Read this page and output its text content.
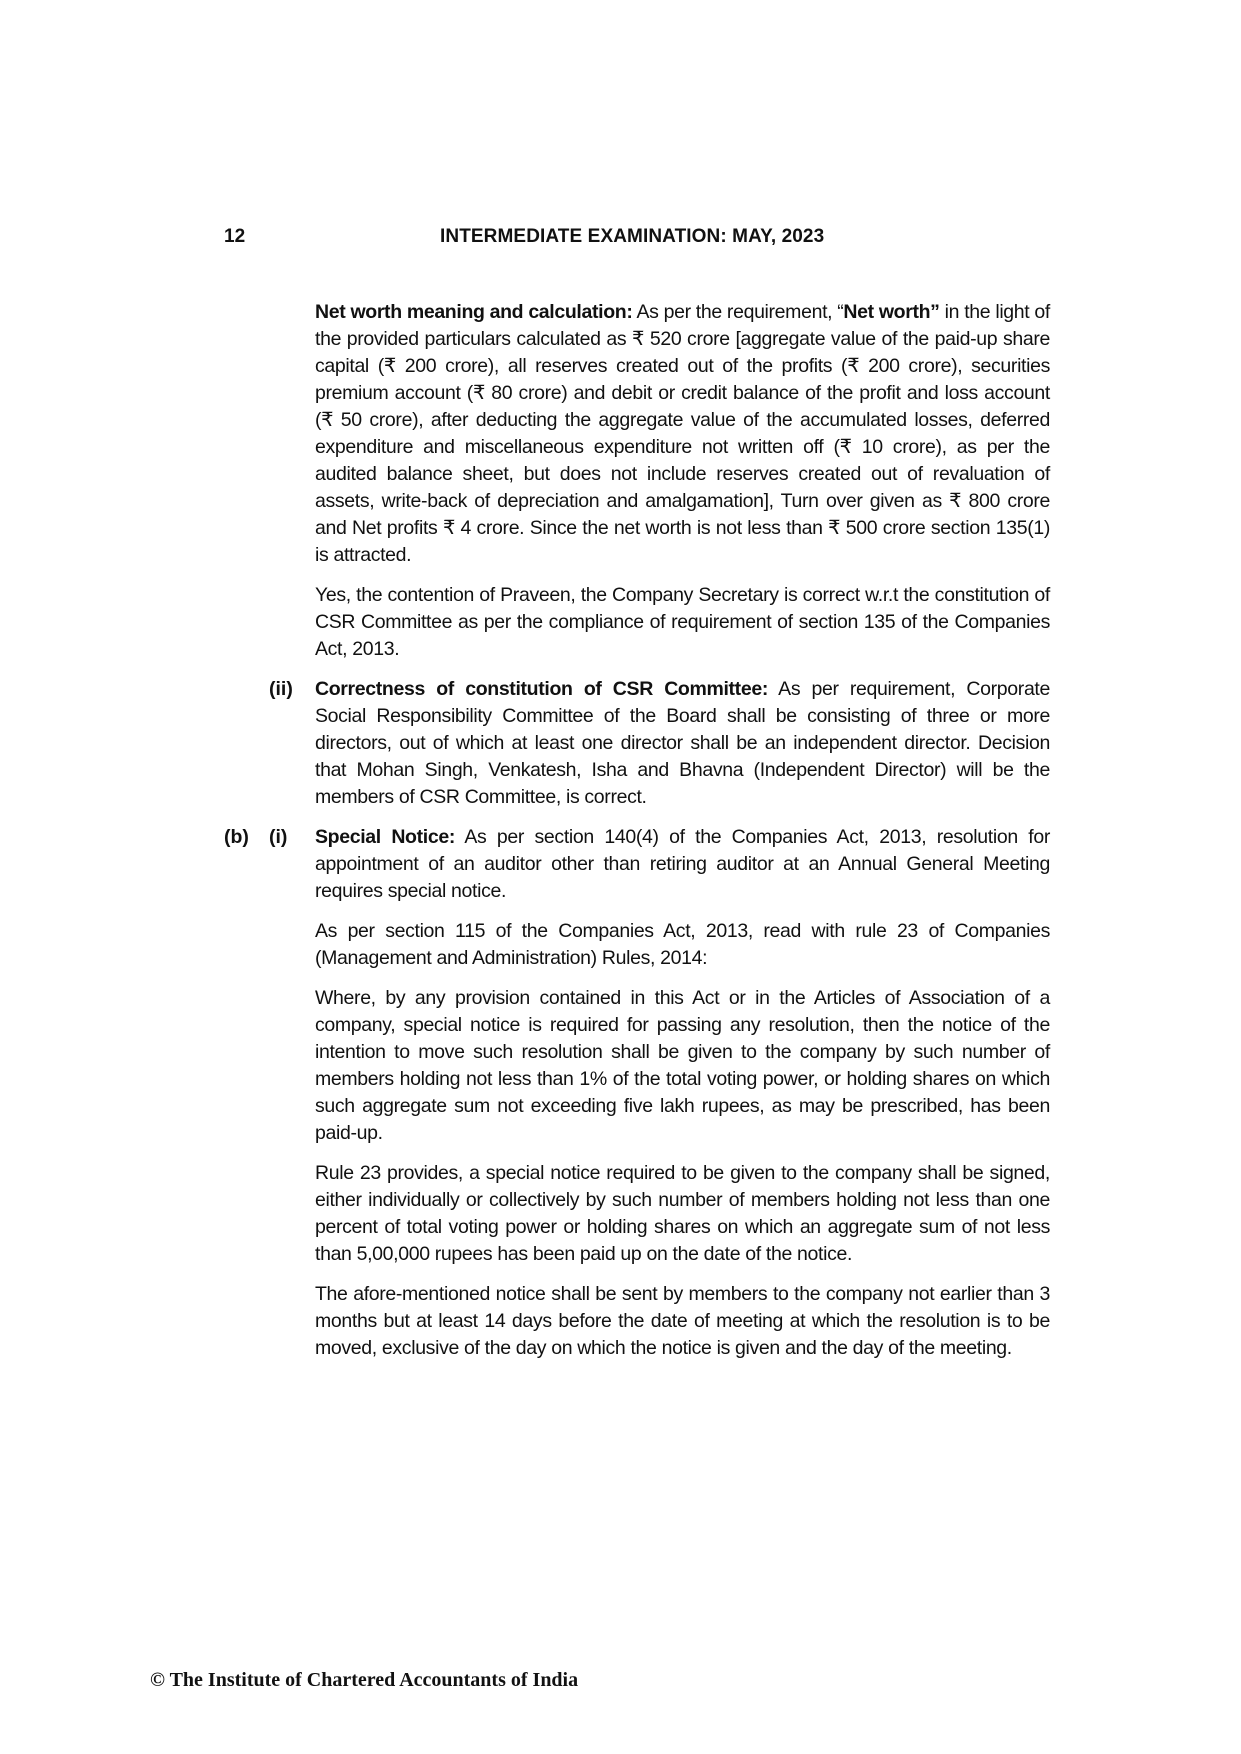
12	INTERMEDIATE EXAMINATION: MAY, 2023
Net worth meaning and calculation: As per the requirement, “Net worth” in the light of the provided particulars calculated as ₹ 520 crore [aggregate value of the paid-up share capital (₹ 200 crore), all reserves created out of the profits (₹ 200 crore), securities premium account (₹ 80 crore) and debit or credit balance of the profit and loss account (₹ 50 crore), after deducting the aggregate value of the accumulated losses, deferred expenditure and miscellaneous expenditure not written off (₹ 10 crore), as per the audited balance sheet, but does not include reserves created out of revaluation of assets, write-back of depreciation and amalgamation], Turn over given as ₹ 800 crore and Net profits ₹ 4 crore. Since the net worth is not less than ₹ 500 crore section 135(1) is attracted.
Yes, the contention of Praveen, the Company Secretary is correct w.r.t the constitution of CSR Committee as per the compliance of requirement of section 135 of the Companies Act, 2013.
(ii) Correctness of constitution of CSR Committee: As per requirement, Corporate Social Responsibility Committee of the Board shall be consisting of three or more directors, out of which at least one director shall be an independent director. Decision that Mohan Singh, Venkatesh, Isha and Bhavna (Independent Director) will be the members of CSR Committee, is correct.
(b) (i) Special Notice: As per section 140(4) of the Companies Act, 2013, resolution for appointment of an auditor other than retiring auditor at an Annual General Meeting requires special notice.
As per section 115 of the Companies Act, 2013, read with rule 23 of Companies (Management and Administration) Rules, 2014:
Where, by any provision contained in this Act or in the Articles of Association of a company, special notice is required for passing any resolution, then the notice of the intention to move such resolution shall be given to the company by such number of members holding not less than 1% of the total voting power, or holding shares on which such aggregate sum not exceeding five lakh rupees, as may be prescribed, has been paid-up.
Rule 23 provides, a special notice required to be given to the company shall be signed, either individually or collectively by such number of members holding not less than one percent of total voting power or holding shares on which an aggregate sum of not less than 5,00,000 rupees has been paid up on the date of the notice.
The afore-mentioned notice shall be sent by members to the company not earlier than 3 months but at least 14 days before the date of meeting at which the resolution is to be moved, exclusive of the day on which the notice is given and the day of the meeting.
© The Institute of Chartered Accountants of India
